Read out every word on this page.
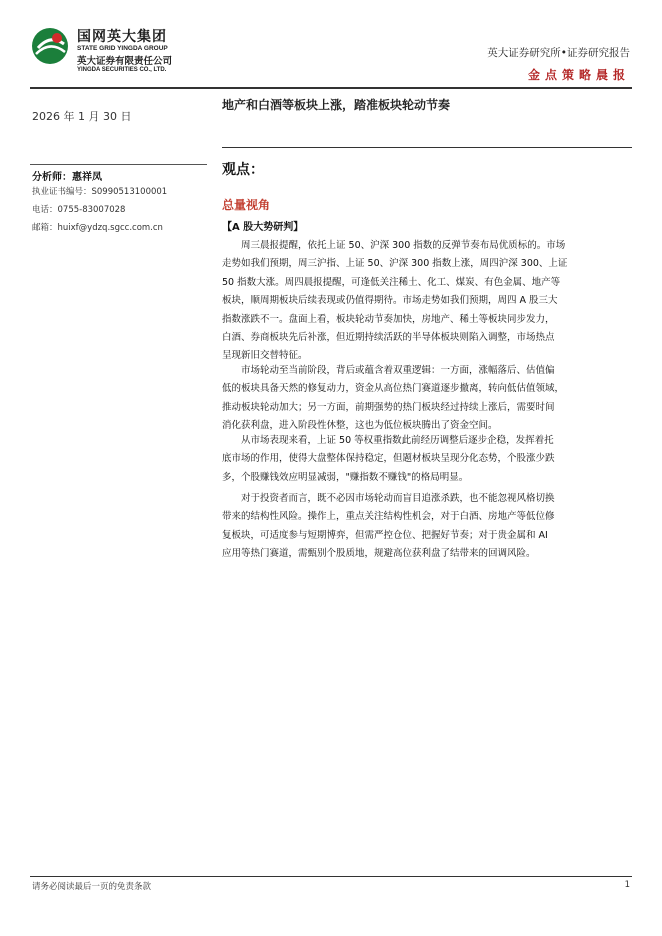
国网英大集团
STATE GRID YINGDA GROUP
英大证券有限责任公司
YINGDA SECURITIES CO., LTD.
英大证券研究所•证券研究报告
金点策略晨报
2026 年 1 月 30 日
地产和白酒等板块上涨，踏准板块轮动节奏
观点：
分析师：惠祥凤
执业证书编号：S0990513100001
电话：0755-83007028
邮箱：huixf@ydzq.sgcc.com.cn
总量视角
【A 股大势研判】
　　周三晨报提醒，依托上证 50、沪深 300 指数的反弹节奏布局优质标的。市场
走势如我们预期，周三沪指、上证 50、沪深 300 指数上涨，周四沪深 300、上证
50 指数大涨。周四晨报提醒，可逢低关注稀土、化工、煤炭、有色金属、地产等
板块，顺周期板块后续表现或仍值得期待。市场走势如我们预期，周四 A 股三大
指数涨跌不一。盘面上看，板块轮动节奏加快，房地产、稀土等板块同步发力，
白酒、券商板块先后补涨，但近期持续活跃的半导体板块则陷入调整，市场热点
呈现新旧交替特征。
　　市场轮动至当前阶段，背后或蕴含着双重逻辑：一方面，涨幅落后、估值偏
低的板块具备天然的修复动力，资金从高位热门赛道逐步撤离，转向低估值领域，
推动板块轮动加大；另一方面，前期强势的热门板块经过持续上涨后，需要时间
消化获利盘，进入阶段性休整，这也为低位板块腾出了资金空间。
　　从市场表现来看，上证 50 等权重指数此前经历调整后逐步企稳，发挥着托
底市场的作用，使得大盘整体保持稳定，但题材板块呈现分化态势，个股涨少跌
多，个股赚钱效应明显减弱，"赚指数不赚钱"的格局明显。
　　对于投资者而言，既不必因市场轮动而盲目追涨杀跌，也不能忽视风格切换
带来的结构性风险。操作上，重点关注结构性机会，对于白酒、房地产等低位修
复板块，可适度参与短期博弈，但需严控仓位、把握好节奏；对于贵金属和 AI
应用等热门赛道，需甄别个股质地，规避高位获利盘了结带来的回调风险。
请务必阅读最后一页的免责条款	1
